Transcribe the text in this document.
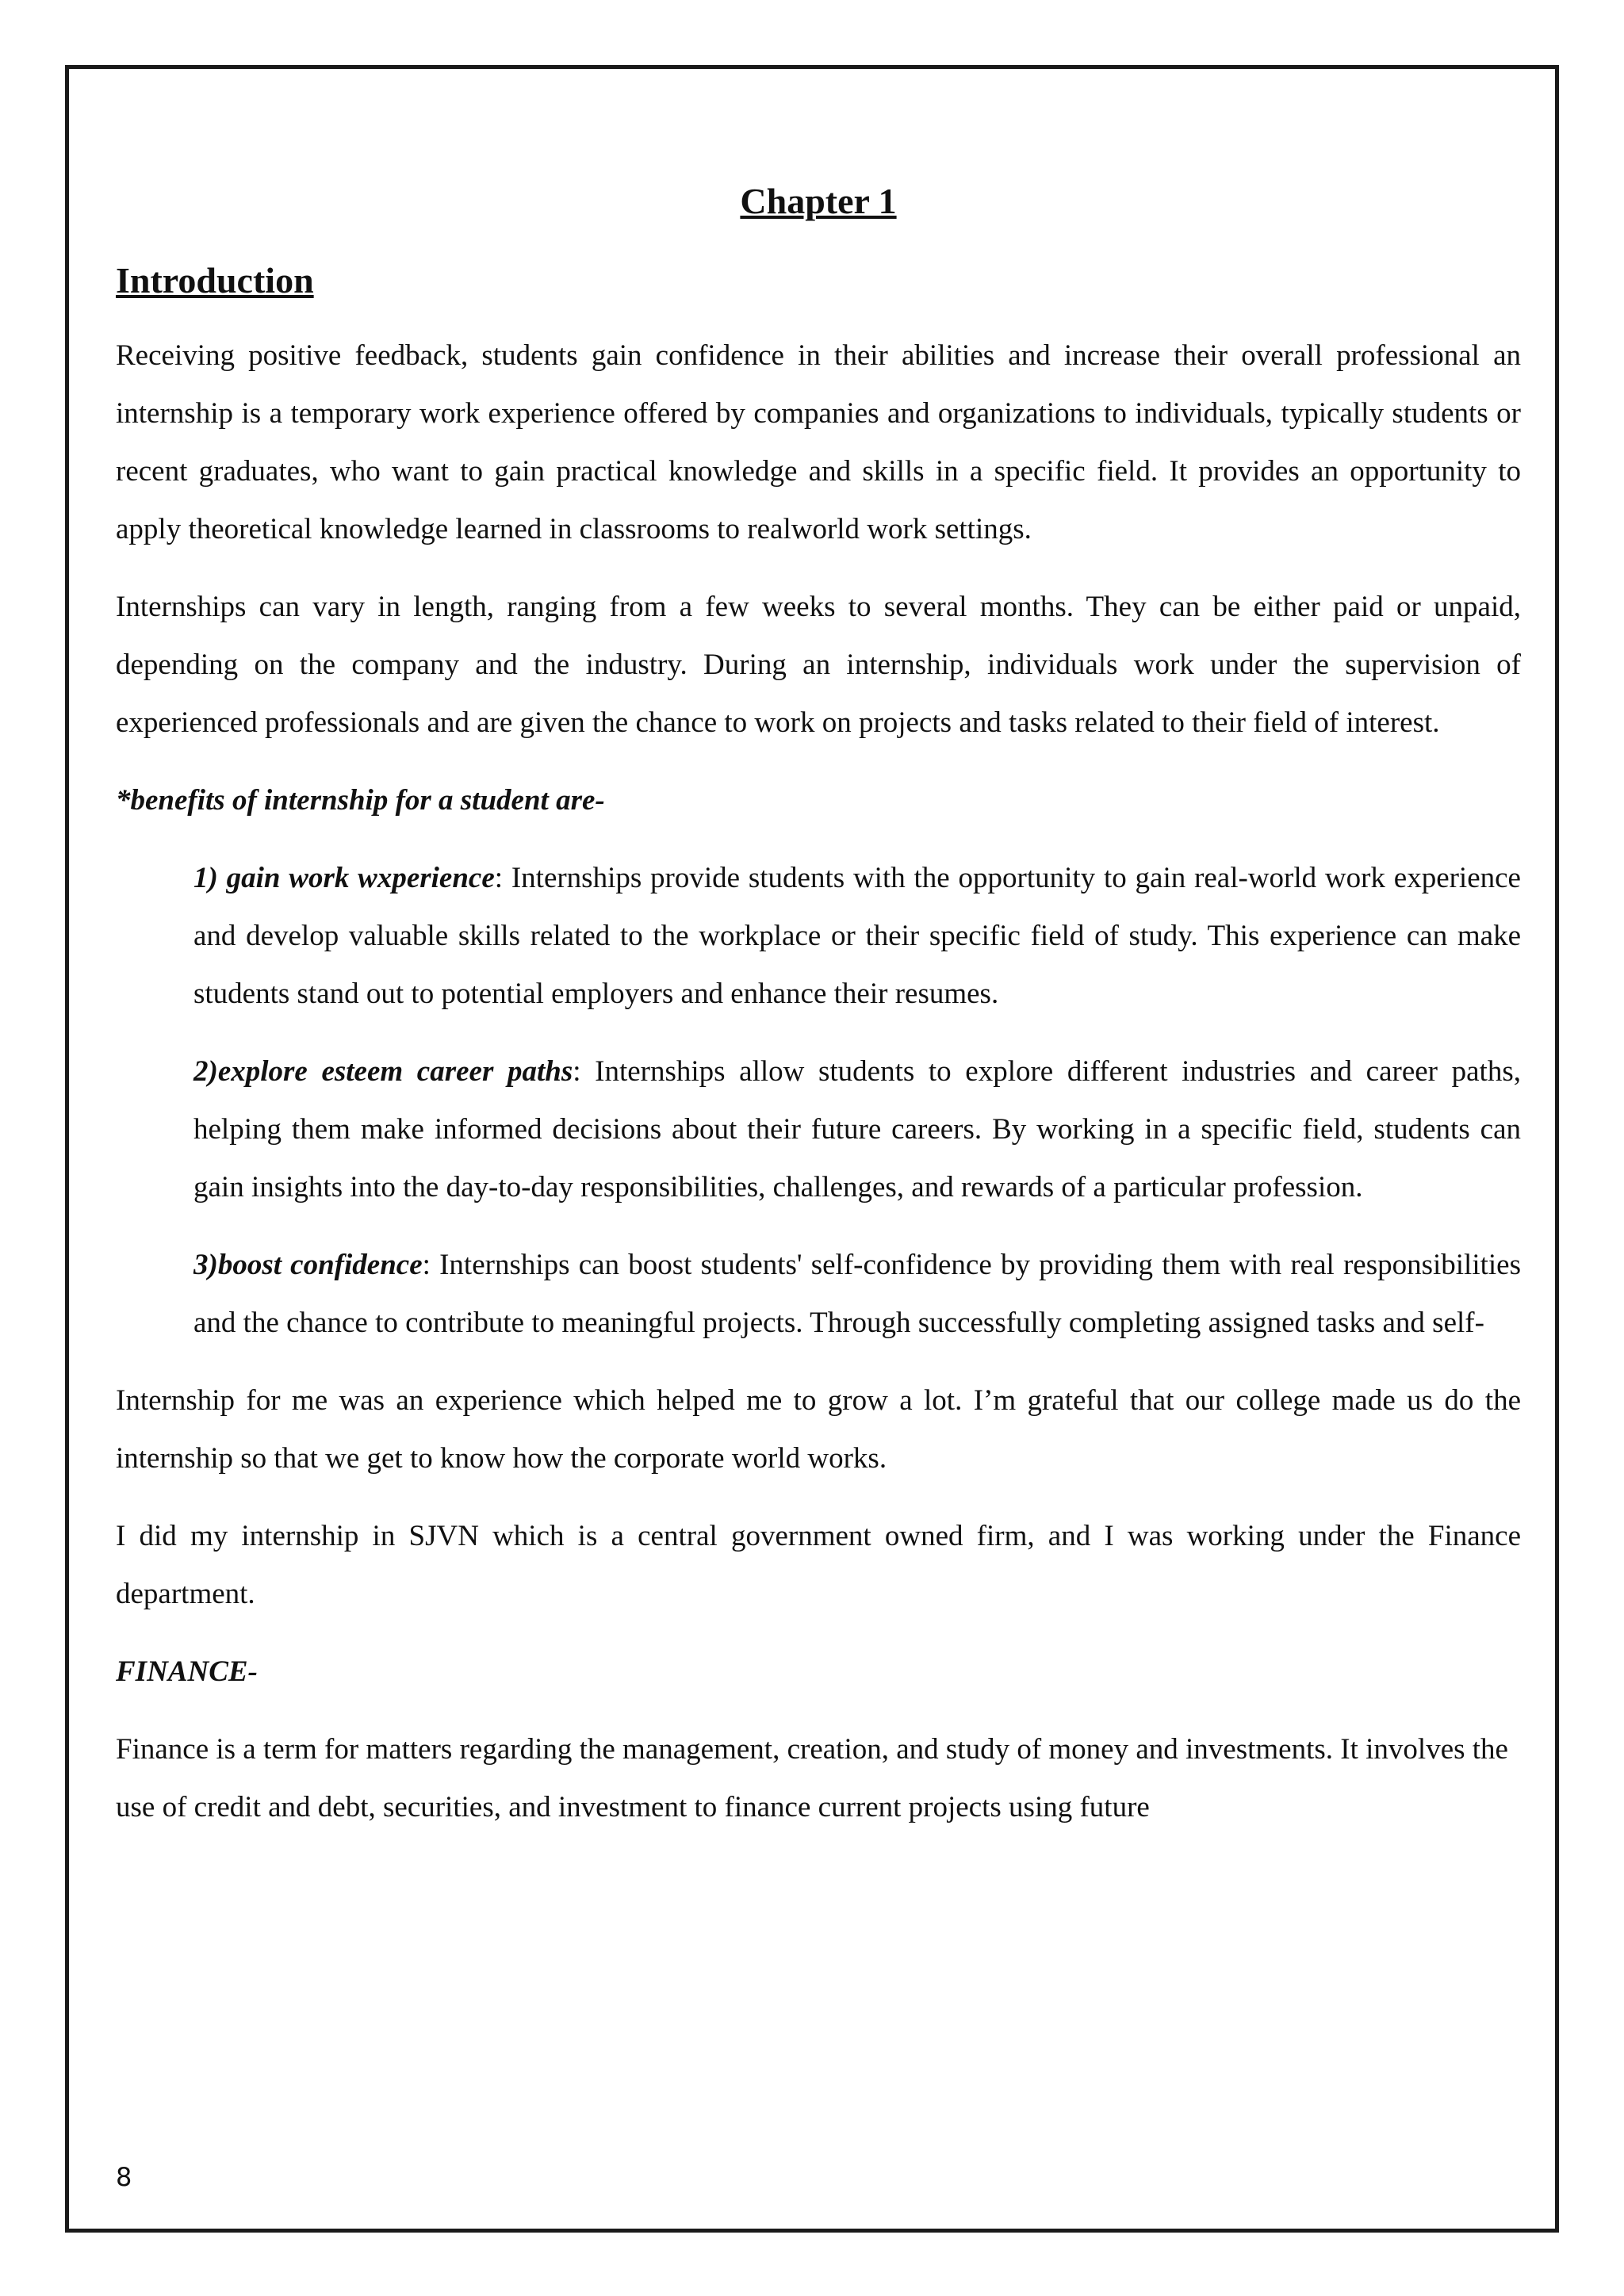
Chapter 1
Introduction

Receiving positive feedback, students gain confidence in their abilities and increase their overall professional an internship is a temporary work experience offered by companies and organizations to individuals, typically students or recent graduates, who want to gain practical knowledge and skills in a specific field. It provides an opportunity to apply theoretical knowledge learned in classrooms to realworld work settings.

Internships can vary in length, ranging from a few weeks to several months. They can be either paid or unpaid, depending on the company and the industry. During an internship, individuals work under the supervision of experienced professionals and are given the chance to work on projects and tasks related to their field of interest.

*benefits of internship for a student are-

1) gain work wxperience: Internships provide students with the opportunity to gain real-world work experience and develop valuable skills related to the workplace or their specific field of study. This experience can make students stand out to potential employers and enhance their resumes.

2)explore esteem career paths: Internships allow students to explore different industries and career paths, helping them make informed decisions about their future careers. By working in a specific field, students can gain insights into the day-to-day responsibilities, challenges, and rewards of a particular profession.

3)boost confidence: Internships can boost students' self-confidence by providing them with real responsibilities and the chance to contribute to meaningful projects. Through successfully completing assigned tasks and self-

Internship for me was an experience which helped me to grow a lot. I’m grateful that our college made us do the internship so that we get to know how the corporate world works.

I did my internship in SJVN which is a central government owned firm, and I was working under the Finance department.

FINANCE-

Finance is a term for matters regarding the management, creation, and study of money and investments. It involves the use of credit and debt, securities, and investment to finance current projects using future

8
